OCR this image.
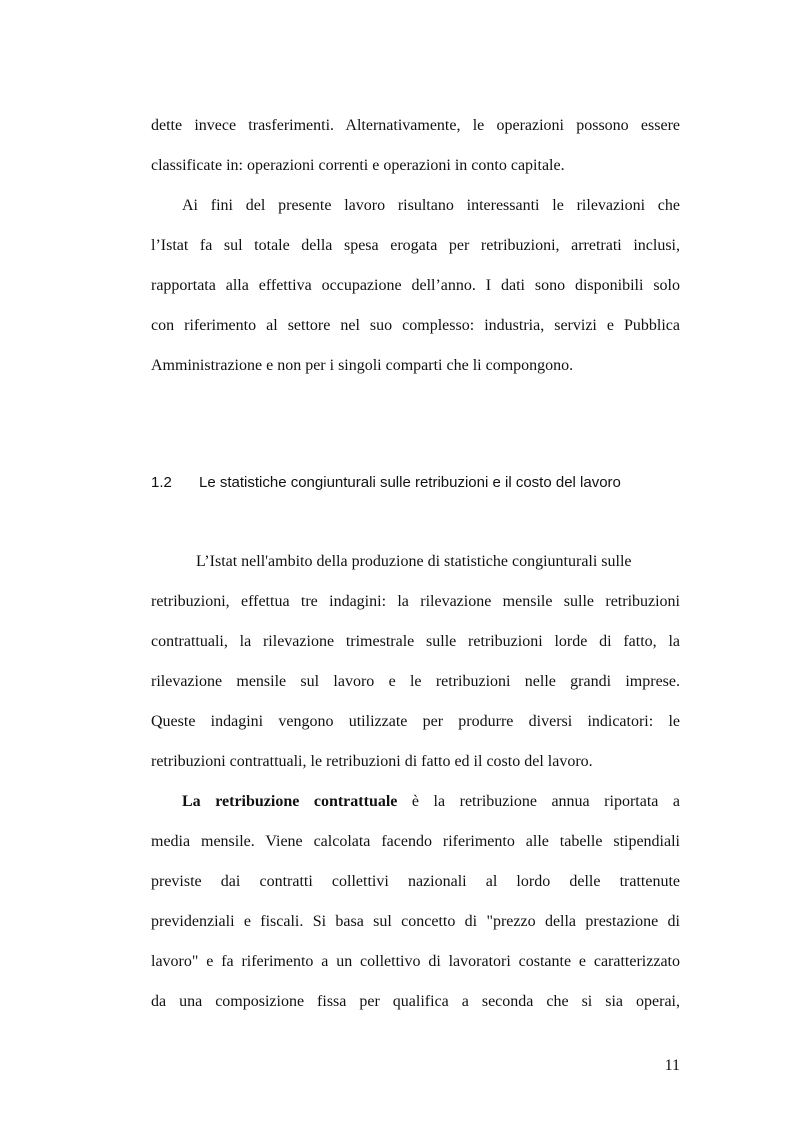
dette invece trasferimenti. Alternativamente, le operazioni possono essere

classificate in: operazioni correnti e operazioni in conto capitale.

Ai fini del presente lavoro risultano interessanti le rilevazioni che

l’Istat fa sul totale della spesa erogata per retribuzioni, arretrati inclusi,

rapportata alla effettiva occupazione dell’anno. I dati sono disponibili solo

con riferimento al settore nel suo complesso: industria, servizi e Pubblica

Amministrazione e non per i singoli comparti che li compongono.

1.2 Le statistiche congiunturali sulle retribuzioni e il costo del lavoro

L’Istat nell'ambito della produzione di statistiche congiunturali sulle

retribuzioni, effettua tre indagini: la rilevazione mensile sulle retribuzioni

contrattuali, la rilevazione trimestrale sulle retribuzioni lorde di fatto, la

rilevazione mensile sul lavoro e le retribuzioni nelle grandi imprese.

Queste indagini vengono utilizzate per produrre diversi indicatori: le

retribuzioni contrattuali, le retribuzioni di fatto ed il costo del lavoro.

La retribuzione contrattuale è la retribuzione annua riportata a

media mensile. Viene calcolata facendo riferimento alle tabelle stipendiali

previste dai contratti collettivi nazionali al lordo delle trattenute

previdenziali e fiscali. Si basa sul concetto di "prezzo della prestazione di

lavoro" e fa riferimento a un collettivo di lavoratori costante e caratterizzato

da una composizione fissa per qualifica a seconda che si sia operai,

11
